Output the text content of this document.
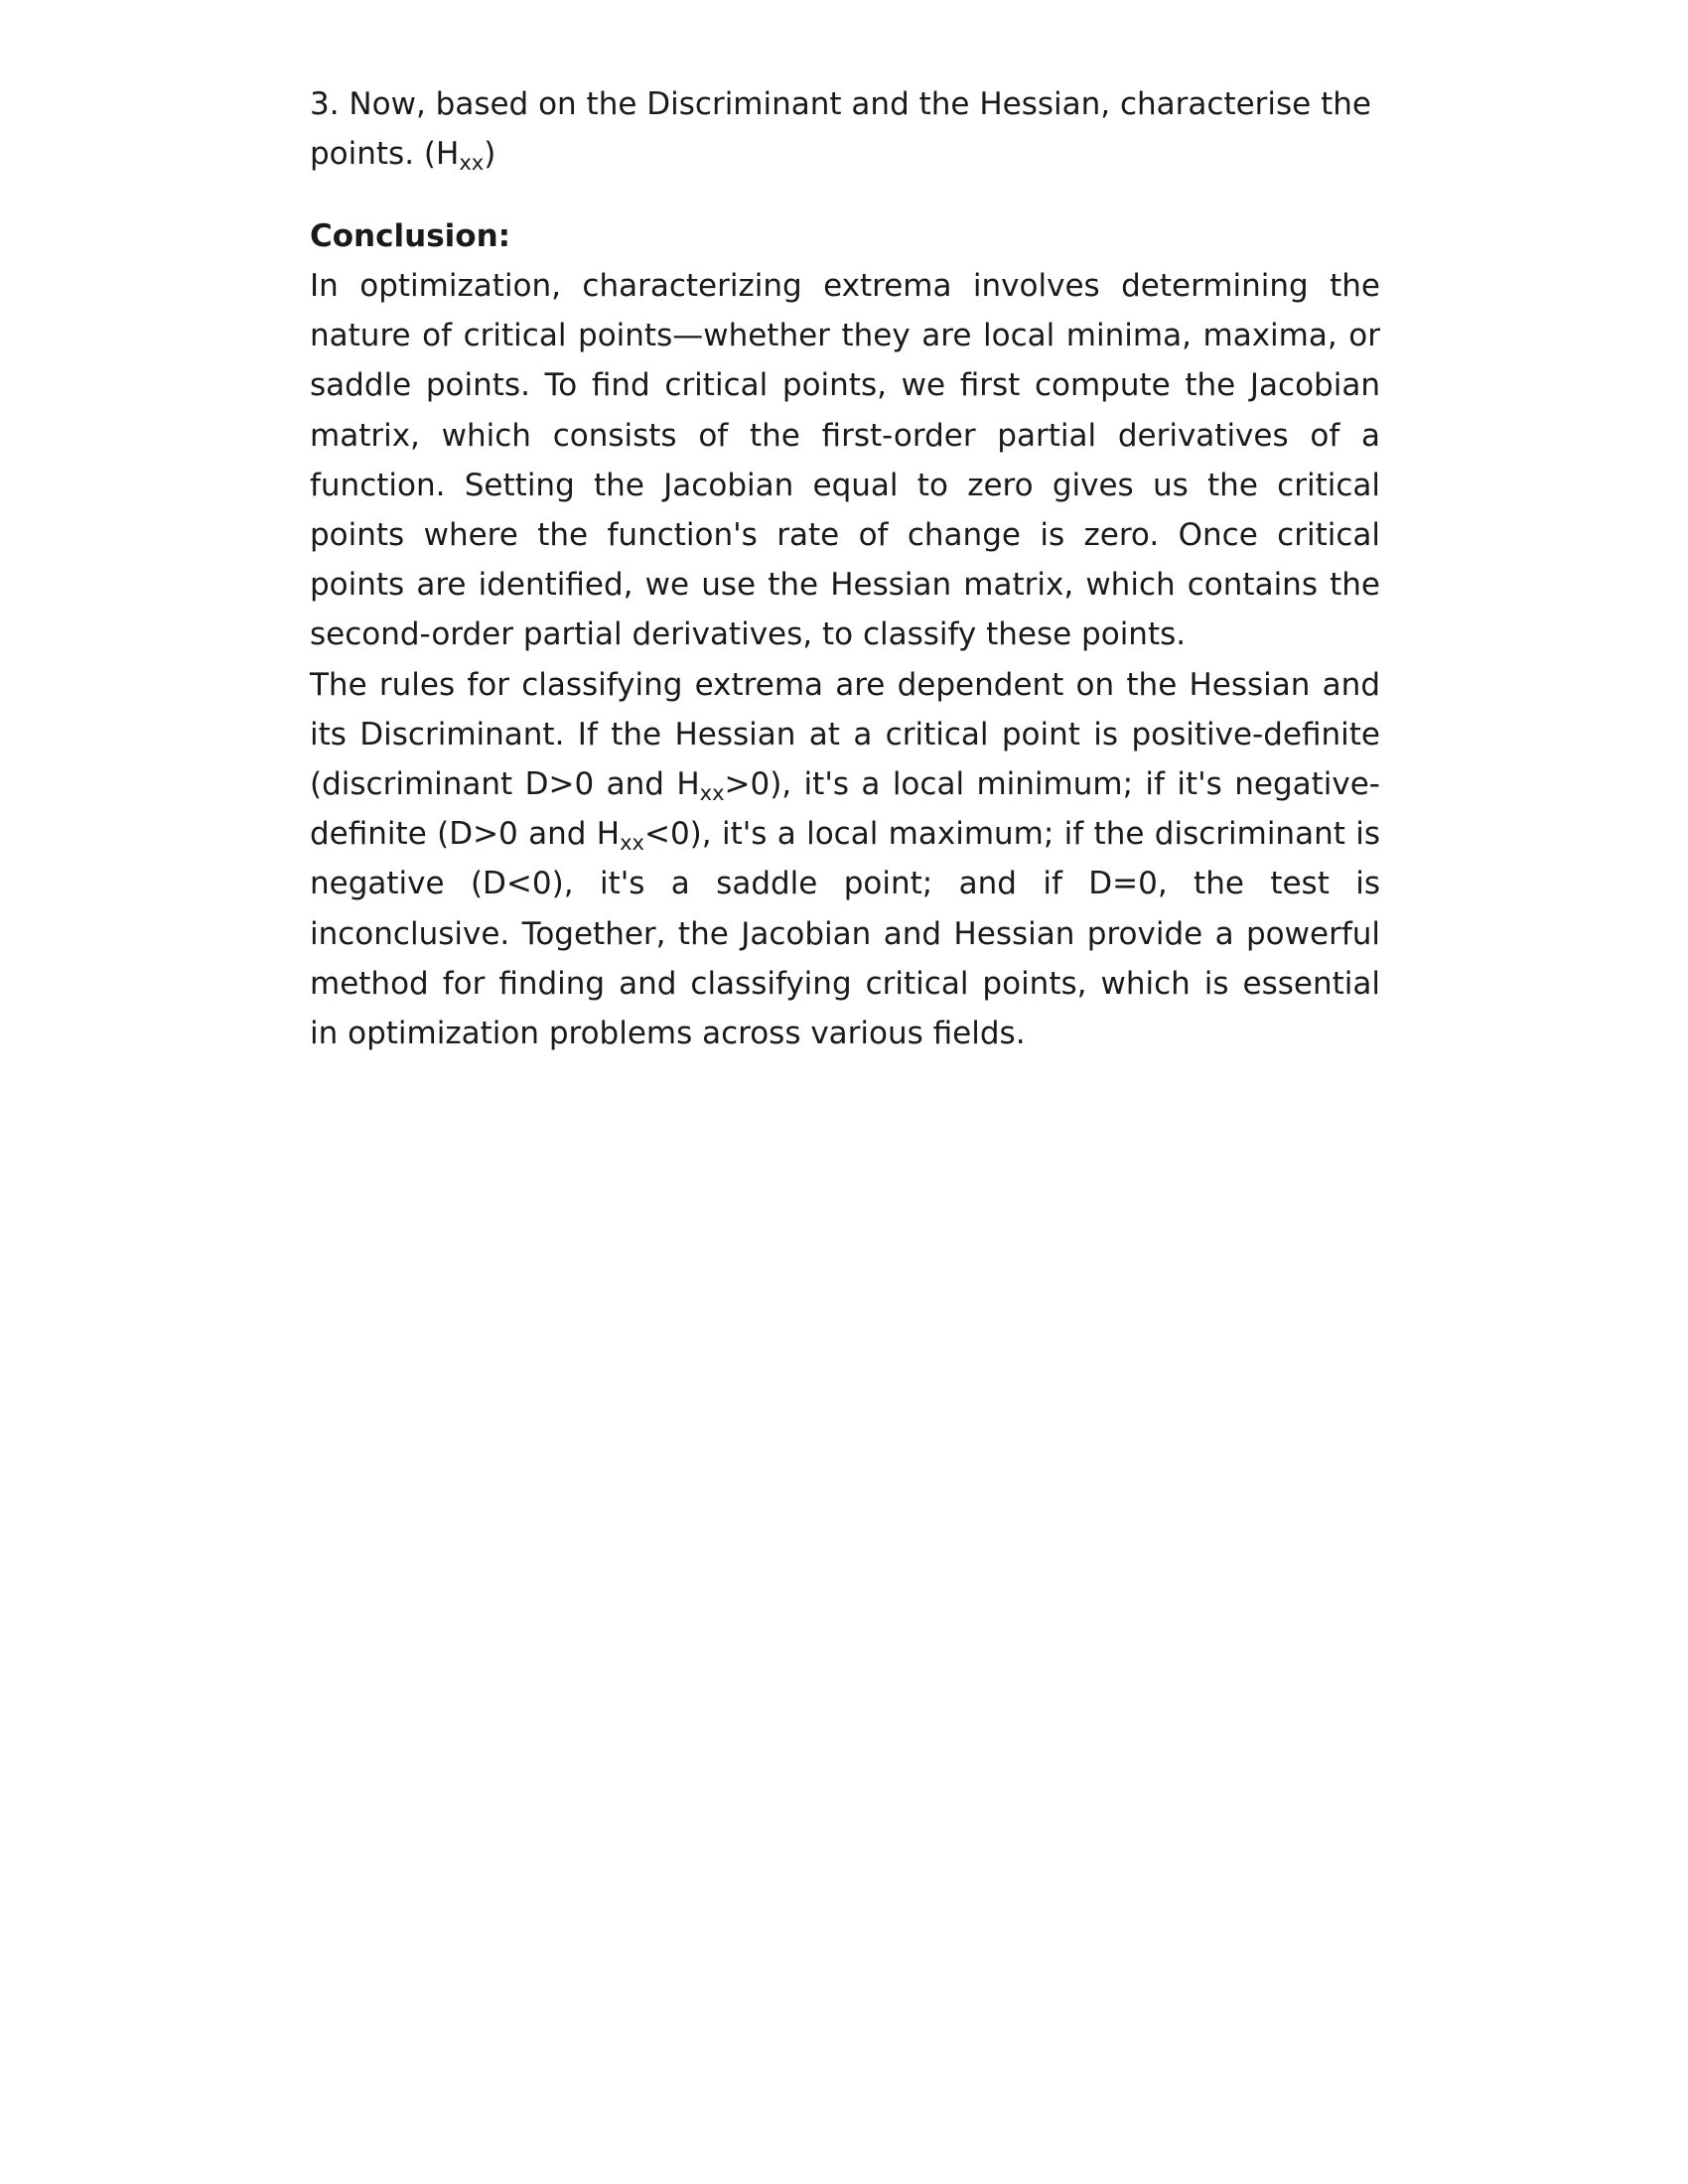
3. Now, based on the Discriminant and the Hessian, characterise the points. $(H_{xx})$

Conclusion:

In optimization, characterizing extrema involves determining the nature of critical points—whether they are local minima, maxima, or saddle points. To find critical points, we first compute the Jacobian matrix, which consists of the first-order partial derivatives of a function. Setting the Jacobian equal to zero gives us the critical points where the function's rate of change is zero. Once critical points are identified, we use the Hessian matrix, which contains the second-order partial derivatives, to classify these points.

The rules for classifying extrema are dependent on the Hessian and its Discriminant. If the Hessian at a critical point is positive-definite (discriminant D>0 and $H_{xx}>0$), it's a local minimum; if it's negative-definite (D>0 and $H_{xx}<0$), it's a local maximum; if the discriminant is negative (D<0), it's a saddle point; and if D=0, the test is inconclusive. Together, the Jacobian and Hessian provide a powerful method for finding and classifying critical points, which is essential in optimization problems across various fields.
